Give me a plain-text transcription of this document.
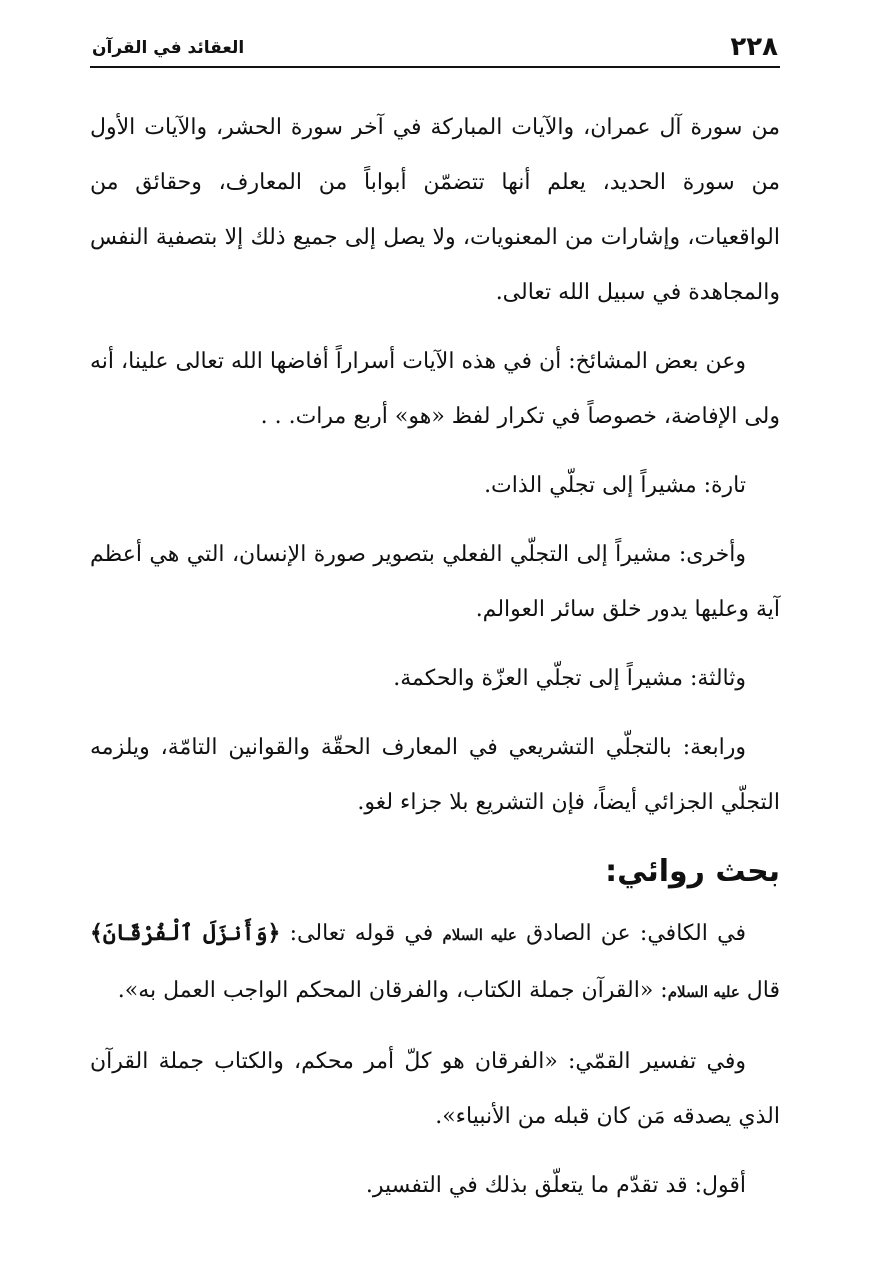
٢٢٨
العقائد في القرآن

من سورة آل عمران، والآيات المباركة في آخر سورة الحشر، والآيات الأول من سورة الحديد، يعلم أنها تتضمّن أبواباً من المعارف، وحقائق من الواقعيات، وإشارات من المعنويات، ولا يصل إلى جميع ذلك إلا بتصفية النفس والمجاهدة في سبيل الله تعالى.

وعن بعض المشائخ: أن في هذه الآيات أسراراً أفاضها الله تعالى علينا، أنه ولى الإفاضة، خصوصاً في تكرار لفظ «هو» أربع مرات. . .

تارة: مشيراً إلى تجلّي الذات.

وأخرى: مشيراً إلى التجلّي الفعلي بتصوير صورة الإنسان، التي هي أعظم آية وعليها يدور خلق سائر العوالم.

وثالثة: مشيراً إلى تجلّي العزّة والحكمة.

ورابعة: بالتجلّي التشريعي في المعارف الحقّة والقوانين التامّة، ويلزمه التجلّي الجزائي أيضاً، فإن التشريع بلا جزاء لغو.

بحث روائي:

في الكافي: عن الصادق عليه السلام في قوله تعالى: ﴿وَأَنزَلَ ٱلْفُرْقَانَ﴾ قال عليه السلام: «القرآن جملة الكتاب، والفرقان المحكم الواجب العمل به».

وفي تفسير القمّي: «الفرقان هو كلّ أمر محكم، والكتاب جملة القرآن الذي يصدقه مَن كان قبله من الأنبياء».

أقول: قد تقدّم ما يتعلّق بذلك في التفسير.
